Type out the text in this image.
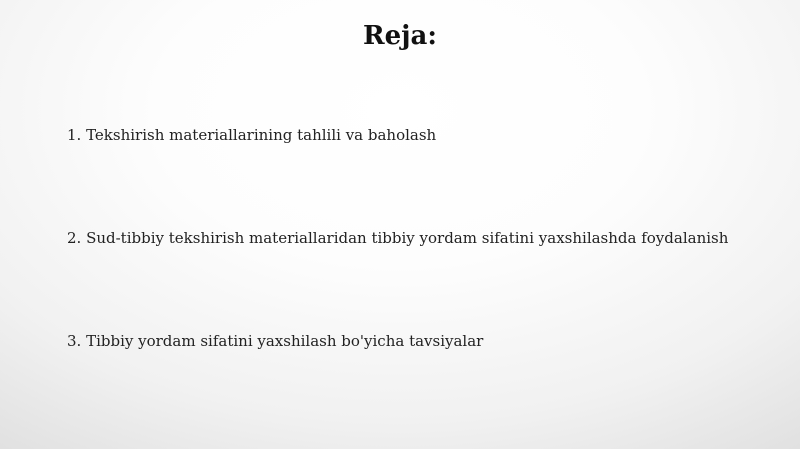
Reja:

1. Tekshirish materiallarining tahlili va baholash

2. Sud-tibbiy tekshirish materiallaridan tibbiy yordam sifatini yaxshilashda foydalanish

3. Tibbiy yordam sifatini yaxshilash bo'yicha tavsiyalar
